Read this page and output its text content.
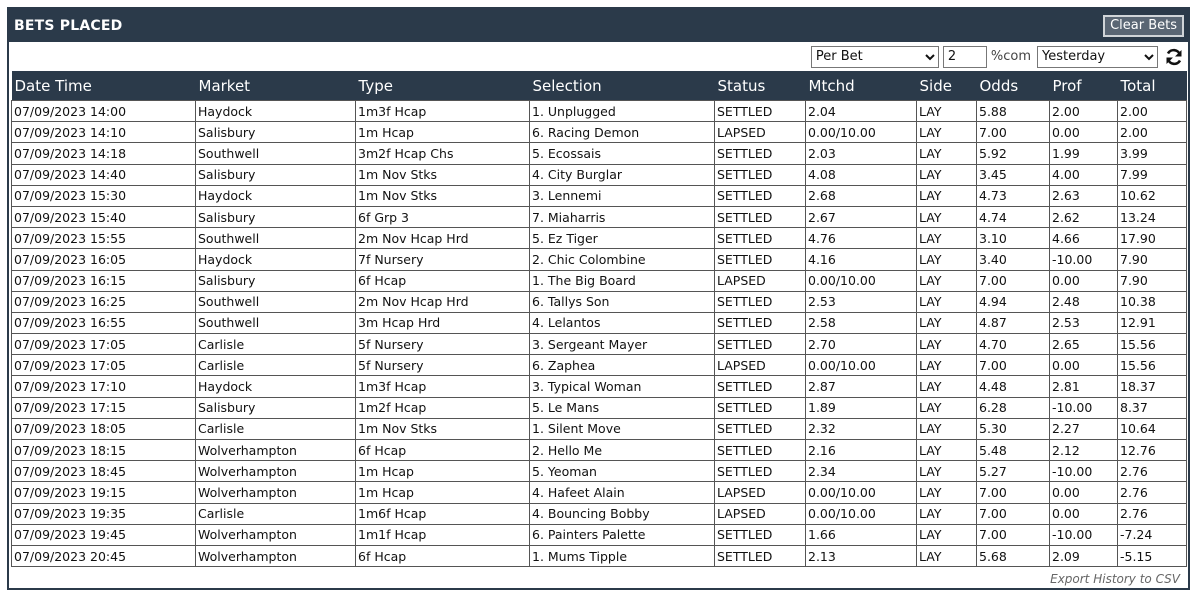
BETS PLACED	Clear Bets
Per Bet
2	%com
Yesterday
Date Time	Market	Type	Selection	Status	Mtchd	Side	Odds	Prof	Total
07/09/2023 14:00	Haydock	1m3f Hcap	1. Unplugged	SETTLED	2.04	LAY	5.88	2.00	2.00
07/09/2023 14:10	Salisbury	1m Hcap	6. Racing Demon	LAPSED	0.00/10.00	LAY	7.00	0.00	2.00
07/09/2023 14:18	Southwell	3m2f Hcap Chs	5. Ecossais	SETTLED	2.03	LAY	5.92	1.99	3.99
07/09/2023 14:40	Salisbury	1m Nov Stks	4. City Burglar	SETTLED	4.08	LAY	3.45	4.00	7.99
07/09/2023 15:30	Haydock	1m Nov Stks	3. Lennemi	SETTLED	2.68	LAY	4.73	2.63	10.62
07/09/2023 15:40	Salisbury	6f Grp 3	7. Miaharris	SETTLED	2.67	LAY	4.74	2.62	13.24
07/09/2023 15:55	Southwell	2m Nov Hcap Hrd	5. Ez Tiger	SETTLED	4.76	LAY	3.10	4.66	17.90
07/09/2023 16:05	Haydock	7f Nursery	2. Chic Colombine	SETTLED	4.16	LAY	3.40	-10.00	7.90
07/09/2023 16:15	Salisbury	6f Hcap	1. The Big Board	LAPSED	0.00/10.00	LAY	7.00	0.00	7.90
07/09/2023 16:25	Southwell	2m Nov Hcap Hrd	6. Tallys Son	SETTLED	2.53	LAY	4.94	2.48	10.38
07/09/2023 16:55	Southwell	3m Hcap Hrd	4. Lelantos	SETTLED	2.58	LAY	4.87	2.53	12.91
07/09/2023 17:05	Carlisle	5f Nursery	3. Sergeant Mayer	SETTLED	2.70	LAY	4.70	2.65	15.56
07/09/2023 17:05	Carlisle	5f Nursery	6. Zaphea	LAPSED	0.00/10.00	LAY	7.00	0.00	15.56
07/09/2023 17:10	Haydock	1m3f Hcap	3. Typical Woman	SETTLED	2.87	LAY	4.48	2.81	18.37
07/09/2023 17:15	Salisbury	1m2f Hcap	5. Le Mans	SETTLED	1.89	LAY	6.28	-10.00	8.37
07/09/2023 18:05	Carlisle	1m Nov Stks	1. Silent Move	SETTLED	2.32	LAY	5.30	2.27	10.64
07/09/2023 18:15	Wolverhampton	6f Hcap	2. Hello Me	SETTLED	2.16	LAY	5.48	2.12	12.76
07/09/2023 18:45	Wolverhampton	1m Hcap	5. Yeoman	SETTLED	2.34	LAY	5.27	-10.00	2.76
07/09/2023 19:15	Wolverhampton	1m Hcap	4. Hafeet Alain	LAPSED	0.00/10.00	LAY	7.00	0.00	2.76
07/09/2023 19:35	Carlisle	1m6f Hcap	4. Bouncing Bobby	LAPSED	0.00/10.00	LAY	7.00	0.00	2.76
07/09/2023 19:45	Wolverhampton	1m1f Hcap	6. Painters Palette	SETTLED	1.66	LAY	7.00	-10.00	-7.24
07/09/2023 20:45	Wolverhampton	6f Hcap	1. Mums Tipple	SETTLED	2.13	LAY	5.68	2.09	-5.15
Export History to CSV
